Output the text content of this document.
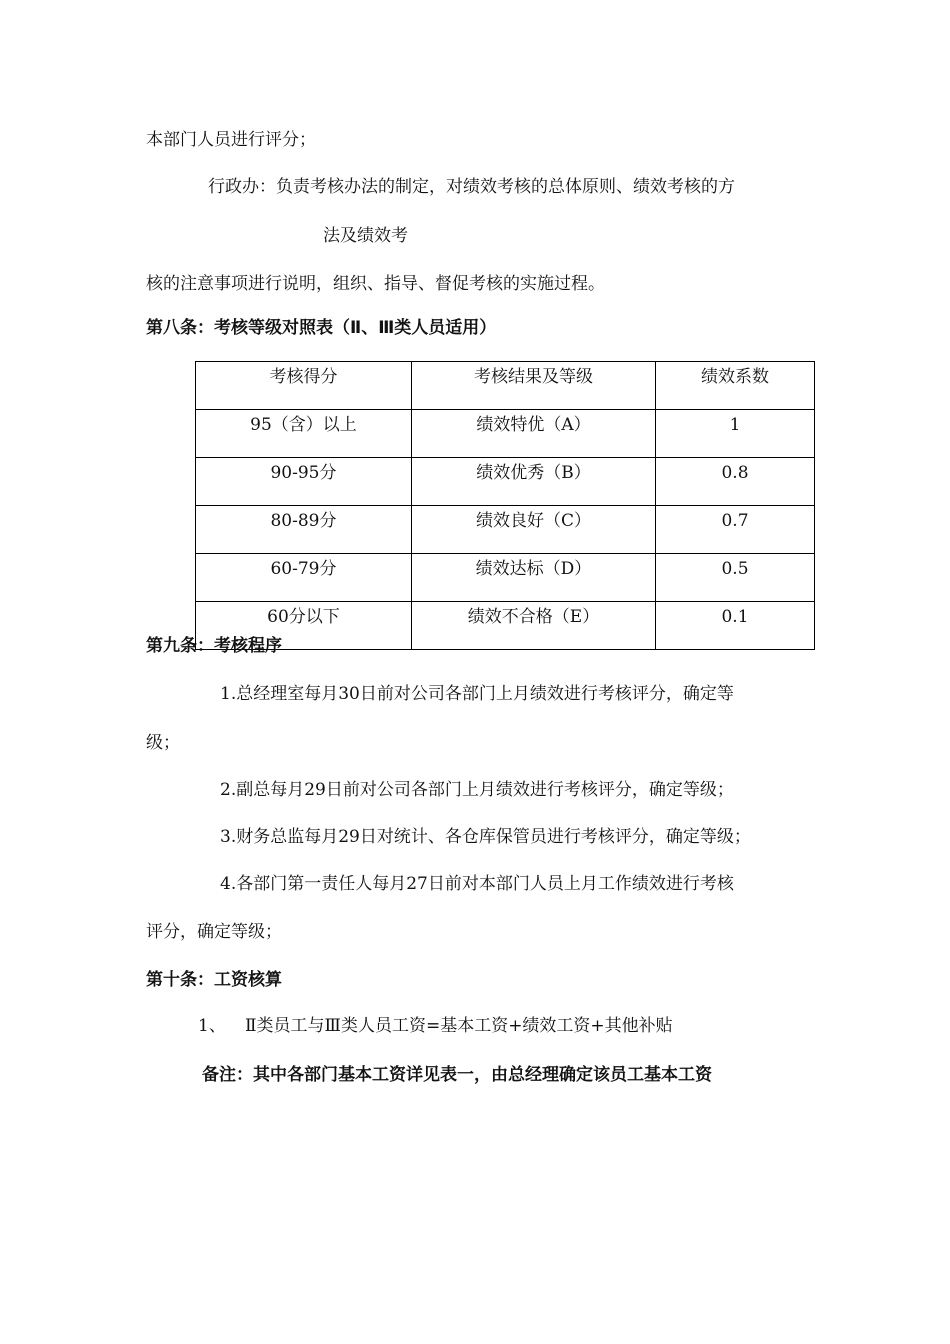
本部门人员进行评分；
行政办：负责考核办法的制定，对绩效考核的总体原则、绩效考核的方
法及绩效考
核的注意事项进行说明，组织、指导、督促考核的实施过程。
第八条：考核等级对照表（Ⅱ、Ⅲ类人员适用）
考核得分	考核结果及等级	绩效系数
95（含）以上	绩效特优（A）	1
90-95分	绩效优秀（B）	0.8
80-89分	绩效良好（C）	0.7
60-79分	绩效达标（D）	0.5
60分以下	绩效不合格（E）	0.1
第九条：考核程序
1.总经理室每月30日前对公司各部门上月绩效进行考核评分，确定等
级；
2.副总每月29日前对公司各部门上月绩效进行考核评分，确定等级；
3.财务总监每月29日对统计、各仓库保管员进行考核评分，确定等级；
4.各部门第一责任人每月27日前对本部门人员上月工作绩效进行考核
评分，确定等级；
第十条：工资核算
1、 Ⅱ类员工与Ⅲ类人员工资=基本工资+绩效工资+其他补贴
备注：其中各部门基本工资详见表一，由总经理确定该员工基本工资
